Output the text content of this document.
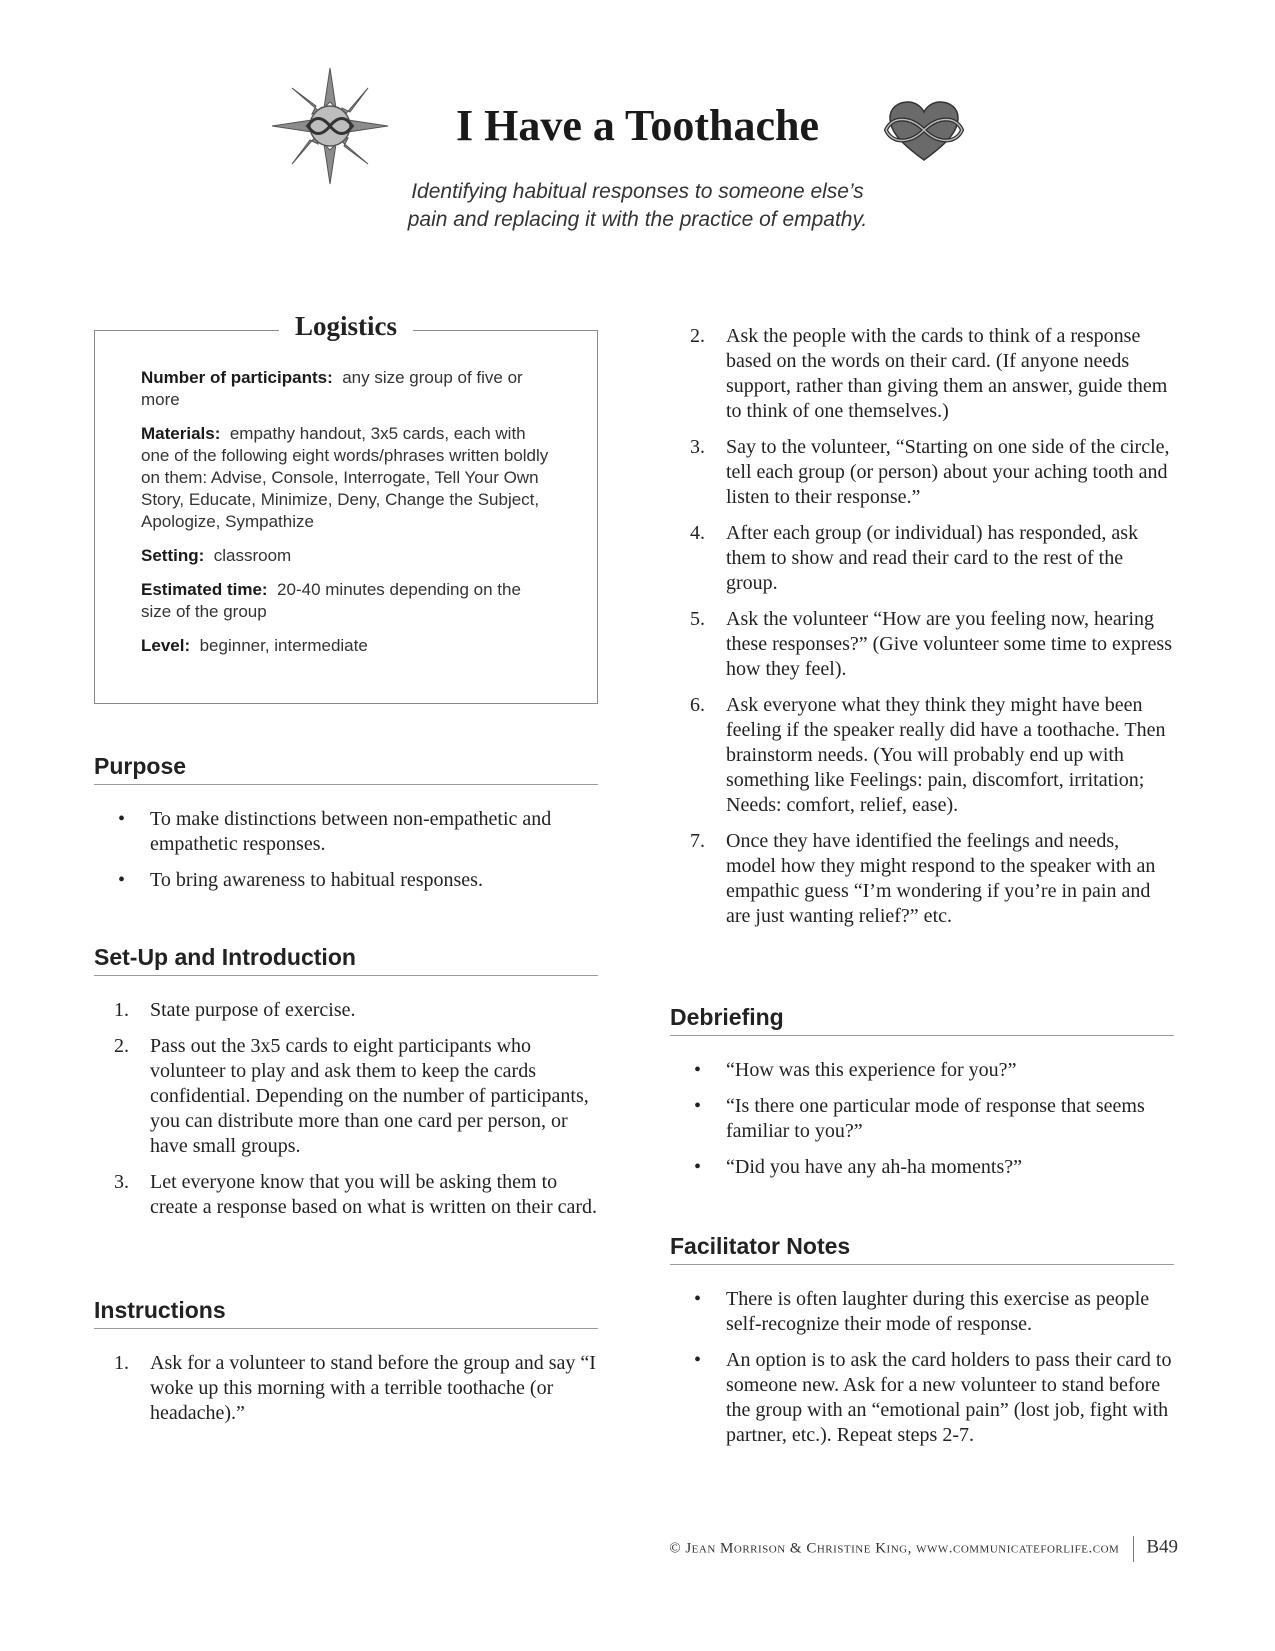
I Have a Toothache
Identifying habitual responses to someone else’s
pain and replacing it with the practice of empathy.
Logistics
Number of participants: any size group of five or more
Materials: empathy handout, 3x5 cards, each with one of the following eight words/phrases written boldly on them: Advise, Console, Interrogate, Tell Your Own Story, Educate, Minimize, Deny, Change the Subject, Apologize, Sympathize
Setting: classroom
Estimated time: 20-40 minutes depending on the size of the group
Level: beginner, intermediate
Purpose
• To make distinctions between non-empathetic and empathetic responses.
• To bring awareness to habitual responses.
Set-Up and Introduction
1. State purpose of exercise.
2. Pass out the 3x5 cards to eight participants who volunteer to play and ask them to keep the cards confidential. Depending on the number of participants, you can distribute more than one card per person, or have small groups.
3. Let everyone know that you will be asking them to create a response based on what is written on their card.
Instructions
1. Ask for a volunteer to stand before the group and say “I woke up this morning with a terrible toothache (or headache).”
2. Ask the people with the cards to think of a response based on the words on their card. (If anyone needs support, rather than giving them an answer, guide them to think of one themselves.)
3. Say to the volunteer, “Starting on one side of the circle, tell each group (or person) about your aching tooth and listen to their response.”
4. After each group (or individual) has responded, ask them to show and read their card to the rest of the group.
5. Ask the volunteer “How are you feeling now, hearing these responses?” (Give volunteer some time to express how they feel).
6. Ask everyone what they think they might have been feeling if the speaker really did have a toothache. Then brainstorm needs. (You will probably end up with something like Feelings: pain, discomfort, irritation; Needs: comfort, relief, ease).
7. Once they have identified the feelings and needs, model how they might respond to the speaker with an empathic guess “I’m wondering if you’re in pain and are just wanting relief?” etc.
Debriefing
• “How was this experience for you?”
• “Is there one particular mode of response that seems familiar to you?”
• “Did you have any ah-ha moments?”
Facilitator Notes
• There is often laughter during this exercise as people self-recognize their mode of response.
• An option is to ask the card holders to pass their card to someone new. Ask for a new volunteer to stand before the group with an “emotional pain” (lost job, fight with partner, etc.). Repeat steps 2-7.
© Jean Morrison & Christine King, www.communicateforlife.com B49
